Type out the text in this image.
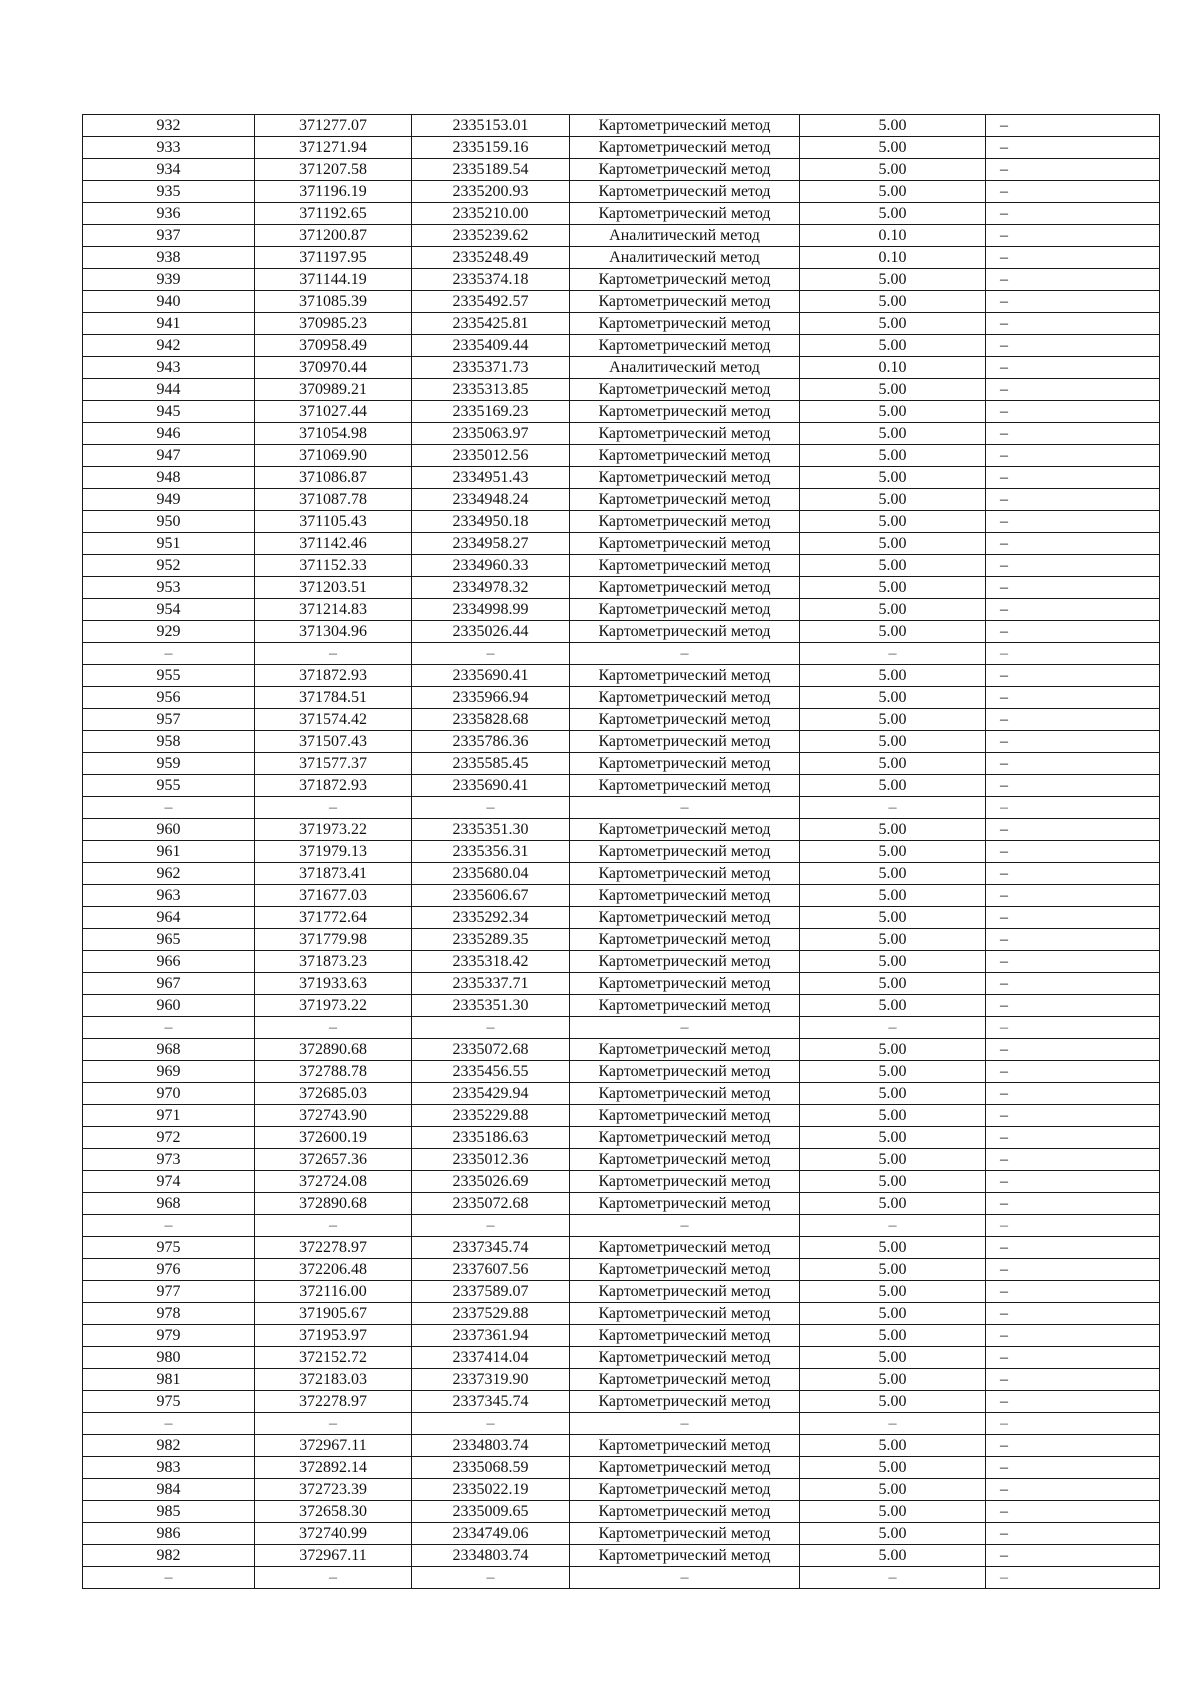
932	371277.07	2335153.01	Картометрический метод	5.00	–
933	371271.94	2335159.16	Картометрический метод	5.00	–
934	371207.58	2335189.54	Картометрический метод	5.00	–
935	371196.19	2335200.93	Картометрический метод	5.00	–
936	371192.65	2335210.00	Картометрический метод	5.00	–
937	371200.87	2335239.62	Аналитический метод	0.10	–
938	371197.95	2335248.49	Аналитический метод	0.10	–
939	371144.19	2335374.18	Картометрический метод	5.00	–
940	371085.39	2335492.57	Картометрический метод	5.00	–
941	370985.23	2335425.81	Картометрический метод	5.00	–
942	370958.49	2335409.44	Картометрический метод	5.00	–
943	370970.44	2335371.73	Аналитический метод	0.10	–
944	370989.21	2335313.85	Картометрический метод	5.00	–
945	371027.44	2335169.23	Картометрический метод	5.00	–
946	371054.98	2335063.97	Картометрический метод	5.00	–
947	371069.90	2335012.56	Картометрический метод	5.00	–
948	371086.87	2334951.43	Картометрический метод	5.00	–
949	371087.78	2334948.24	Картометрический метод	5.00	–
950	371105.43	2334950.18	Картометрический метод	5.00	–
951	371142.46	2334958.27	Картометрический метод	5.00	–
952	371152.33	2334960.33	Картометрический метод	5.00	–
953	371203.51	2334978.32	Картометрический метод	5.00	–
954	371214.83	2334998.99	Картометрический метод	5.00	–
929	371304.96	2335026.44	Картометрический метод	5.00	–
–	–	–	–	–	–
955	371872.93	2335690.41	Картометрический метод	5.00	–
956	371784.51	2335966.94	Картометрический метод	5.00	–
957	371574.42	2335828.68	Картометрический метод	5.00	–
958	371507.43	2335786.36	Картометрический метод	5.00	–
959	371577.37	2335585.45	Картометрический метод	5.00	–
955	371872.93	2335690.41	Картометрический метод	5.00	–
–	–	–	–	–	–
960	371973.22	2335351.30	Картометрический метод	5.00	–
961	371979.13	2335356.31	Картометрический метод	5.00	–
962	371873.41	2335680.04	Картометрический метод	5.00	–
963	371677.03	2335606.67	Картометрический метод	5.00	–
964	371772.64	2335292.34	Картометрический метод	5.00	–
965	371779.98	2335289.35	Картометрический метод	5.00	–
966	371873.23	2335318.42	Картометрический метод	5.00	–
967	371933.63	2335337.71	Картометрический метод	5.00	–
960	371973.22	2335351.30	Картометрический метод	5.00	–
–	–	–	–	–	–
968	372890.68	2335072.68	Картометрический метод	5.00	–
969	372788.78	2335456.55	Картометрический метод	5.00	–
970	372685.03	2335429.94	Картометрический метод	5.00	–
971	372743.90	2335229.88	Картометрический метод	5.00	–
972	372600.19	2335186.63	Картометрический метод	5.00	–
973	372657.36	2335012.36	Картометрический метод	5.00	–
974	372724.08	2335026.69	Картометрический метод	5.00	–
968	372890.68	2335072.68	Картометрический метод	5.00	–
–	–	–	–	–	–
975	372278.97	2337345.74	Картометрический метод	5.00	–
976	372206.48	2337607.56	Картометрический метод	5.00	–
977	372116.00	2337589.07	Картометрический метод	5.00	–
978	371905.67	2337529.88	Картометрический метод	5.00	–
979	371953.97	2337361.94	Картометрический метод	5.00	–
980	372152.72	2337414.04	Картометрический метод	5.00	–
981	372183.03	2337319.90	Картометрический метод	5.00	–
975	372278.97	2337345.74	Картометрический метод	5.00	–
–	–	–	–	–	–
982	372967.11	2334803.74	Картометрический метод	5.00	–
983	372892.14	2335068.59	Картометрический метод	5.00	–
984	372723.39	2335022.19	Картометрический метод	5.00	–
985	372658.30	2335009.65	Картометрический метод	5.00	–
986	372740.99	2334749.06	Картометрический метод	5.00	–
982	372967.11	2334803.74	Картометрический метод	5.00	–
–	–	–	–	–	–
